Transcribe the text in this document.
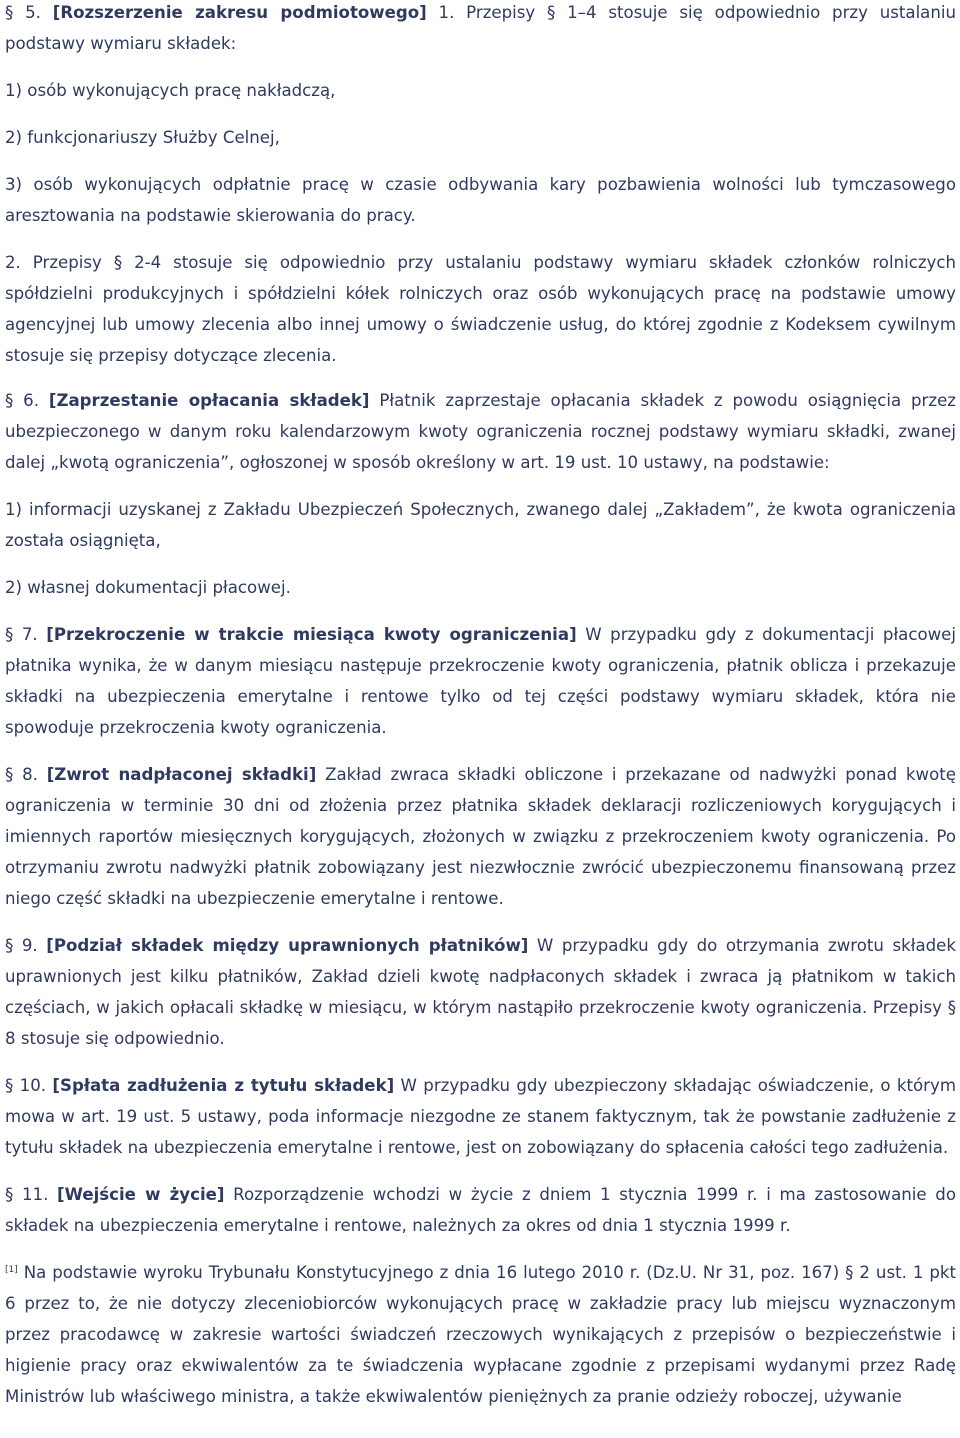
§ 5. [Rozszerzenie zakresu podmiotowego] 1. Przepisy § 1–4 stosuje się odpowiednio przy ustalaniu podstawy wymiaru składek:

1) osób wykonujących pracę nakładczą,

2) funkcjonariuszy Służby Celnej,

3) osób wykonujących odpłatnie pracę w czasie odbywania kary pozbawienia wolności lub tymczasowego aresztowania na podstawie skierowania do pracy.

2. Przepisy § 2-4 stosuje się odpowiednio przy ustalaniu podstawy wymiaru składek członków rolniczych spółdzielni produkcyjnych i spółdzielni kółek rolniczych oraz osób wykonujących pracę na podstawie umowy agencyjnej lub umowy zlecenia albo innej umowy o świadczenie usług, do której zgodnie z Kodeksem cywilnym stosuje się przepisy dotyczące zlecenia.

§ 6. [Zaprzestanie opłacania składek] Płatnik zaprzestaje opłacania składek z powodu osiągnięcia przez ubezpieczonego w danym roku kalendarzowym kwoty ograniczenia rocznej podstawy wymiaru składki, zwanej dalej „kwotą ograniczenia”, ogłoszonej w sposób określony w art. 19 ust. 10 ustawy, na podstawie:

1) informacji uzyskanej z Zakładu Ubezpieczeń Społecznych, zwanego dalej „Zakładem”, że kwota ograniczenia została osiągnięta,

2) własnej dokumentacji płacowej.

§ 7. [Przekroczenie w trakcie miesiąca kwoty ograniczenia] W przypadku gdy z dokumentacji płacowej płatnika wynika, że w danym miesiącu następuje przekroczenie kwoty ograniczenia, płatnik oblicza i przekazuje składki na ubezpieczenia emerytalne i rentowe tylko od tej części podstawy wymiaru składek, która nie spowoduje przekroczenia kwoty ograniczenia.

§ 8. [Zwrot nadpłaconej składki] Zakład zwraca składki obliczone i przekazane od nadwyżki ponad kwotę ograniczenia w terminie 30 dni od złożenia przez płatnika składek deklaracji rozliczeniowych korygujących i imiennych raportów miesięcznych korygujących, złożonych w związku z przekroczeniem kwoty ograniczenia. Po otrzymaniu zwrotu nadwyżki płatnik zobowiązany jest niezwłocznie zwrócić ubezpieczonemu finansowaną przez niego część składki na ubezpieczenie emerytalne i rentowe.

§ 9. [Podział składek między uprawnionych płatników] W przypadku gdy do otrzymania zwrotu składek uprawnionych jest kilku płatników, Zakład dzieli kwotę nadpłaconych składek i zwraca ją płatnikom w takich częściach, w jakich opłacali składkę w miesiącu, w którym nastąpiło przekroczenie kwoty ograniczenia. Przepisy § 8 stosuje się odpowiednio.

§ 10. [Spłata zadłużenia z tytułu składek] W przypadku gdy ubezpieczony składając oświadczenie, o którym mowa w art. 19 ust. 5 ustawy, poda informacje niezgodne ze stanem faktycznym, tak że powstanie zadłużenie z tytułu składek na ubezpieczenia emerytalne i rentowe, jest on zobowiązany do spłacenia całości tego zadłużenia.

§ 11. [Wejście w życie] Rozporządzenie wchodzi w życie z dniem 1 stycznia 1999 r. i ma zastosowanie do składek na ubezpieczenia emerytalne i rentowe, należnych za okres od dnia 1 stycznia 1999 r.

[1] Na podstawie wyroku Trybunału Konstytucyjnego z dnia 16 lutego 2010 r. (Dz.U. Nr 31, poz. 167) § 2 ust. 1 pkt 6 przez to, że nie dotyczy zleceniobiorców wykonujących pracę w zakładzie pracy lub miejscu wyznaczonym przez pracodawcę w zakresie wartości świadczeń rzeczowych wynikających z przepisów o bezpieczeństwie i higienie pracy oraz ekwiwalentów za te świadczenia wypłacane zgodnie z przepisami wydanymi przez Radę Ministrów lub właściwego ministra, a także ekwiwalentów pieniężnych za pranie odzieży roboczej, używanie
